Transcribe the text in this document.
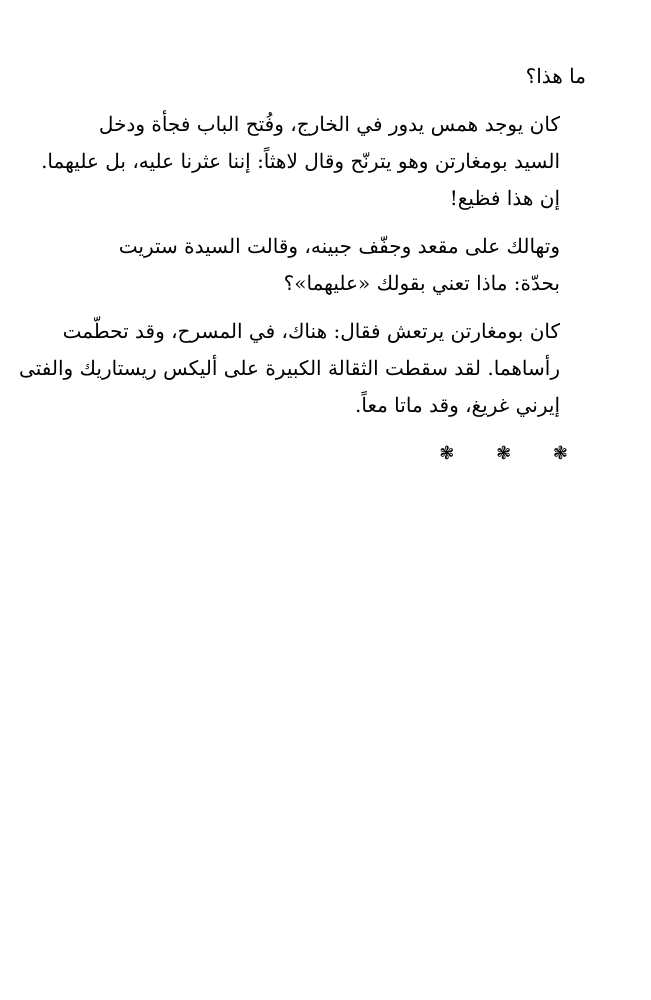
ما هذا؟

كان يوجد همس يدور في الخارج، وفُتح الباب فجأة ودخل
السيد بومغارتن وهو يترنّح وقال لاهثاً: إننا عثرنا عليه، بل عليهما.
إن هذا فظيع!

وتهالك على مقعد وجفّف جبينه، وقالت السيدة ستريت
بحدّة: ماذا تعني بقولك «عليهما»؟

كان بومغارتن يرتعش فقال: هناك، في المسرح، وقد تحطّمت
رأساهما. لقد سقطت الثقالة الكبيرة على أليكس ريستاريك والفتى
إيرني غريغ، وقد ماتا معاً.

❃ ❃ ❃
